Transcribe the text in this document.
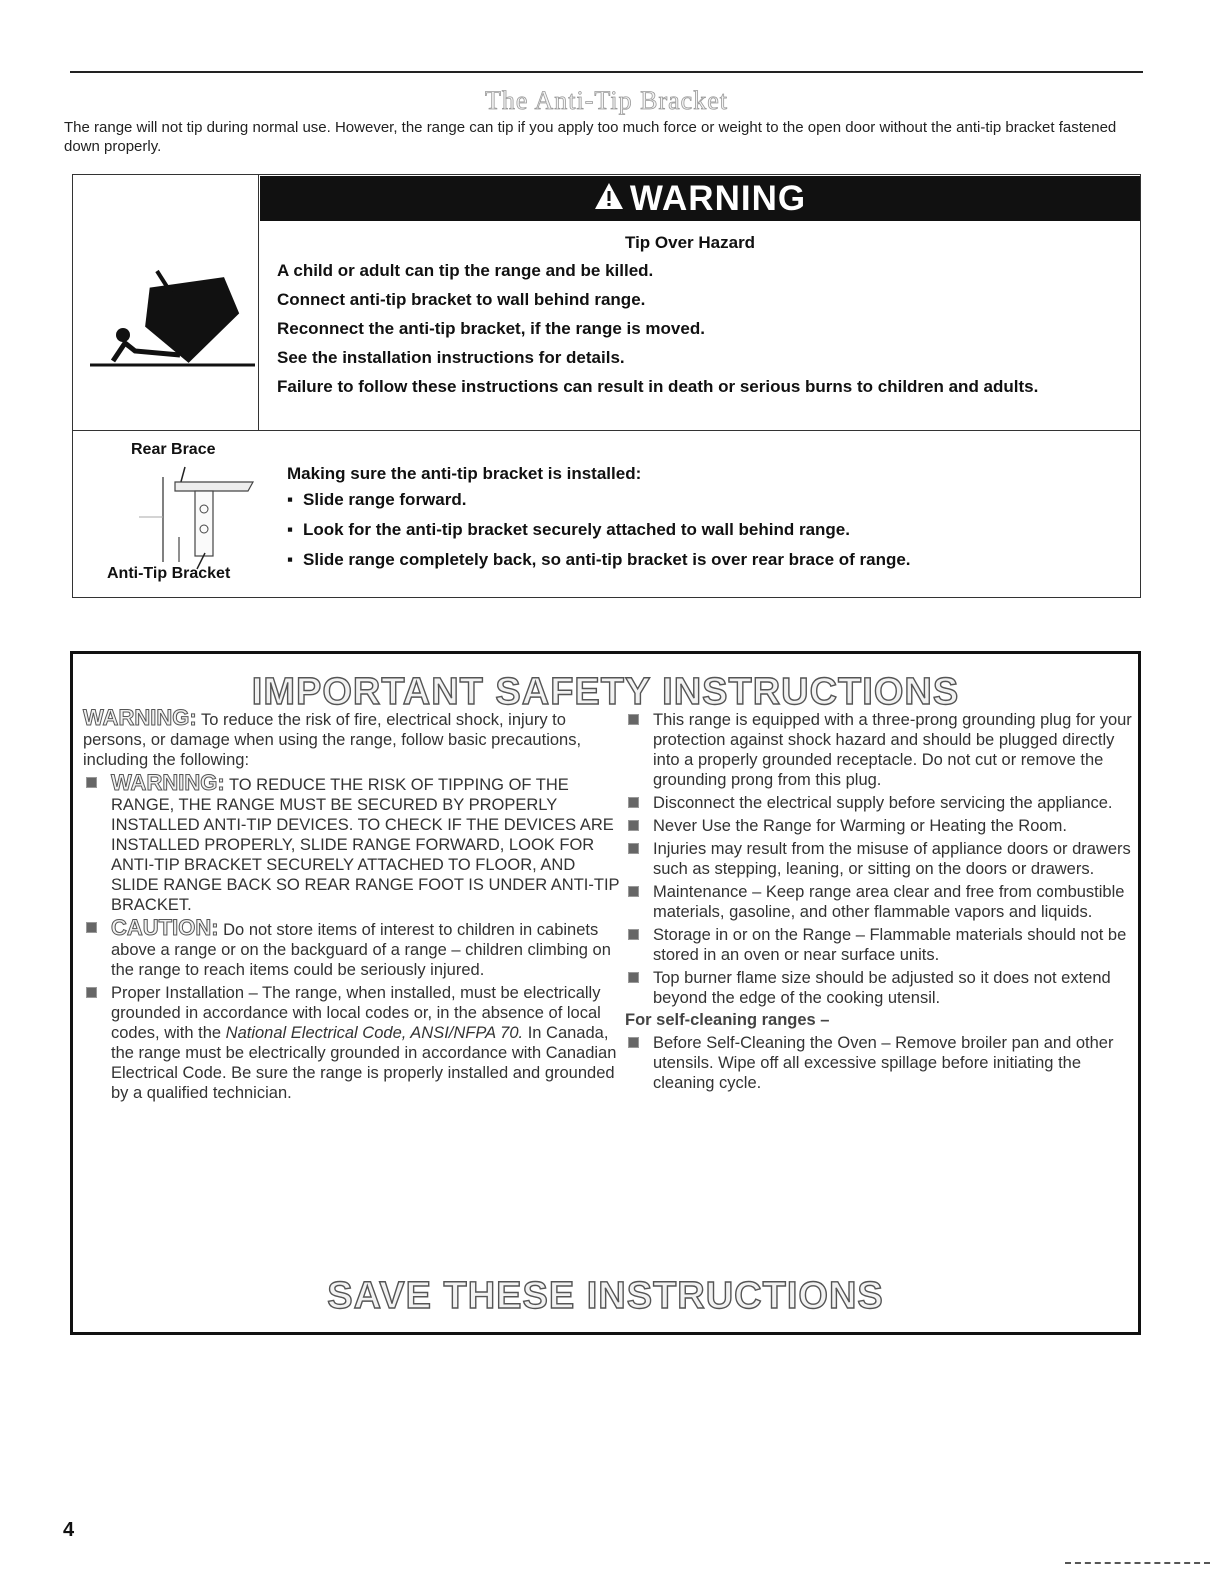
The Anti-Tip Bracket
The range will not tip during normal use. However, the range can tip if you apply too much force or weight to the open door without the anti-tip bracket fastened down properly.
WARNING
Tip Over Hazard
A child or adult can tip the range and be killed.
Connect anti-tip bracket to wall behind range.
Reconnect the anti-tip bracket, if the range is moved.
See the installation instructions for details.
Failure to follow these instructions can result in death or serious burns to children and adults.
Rear Brace
Anti-Tip Bracket
Making sure the anti-tip bracket is installed:
▪ Slide range forward.
▪ Look for the anti-tip bracket securely attached to wall behind range.
▪ Slide range completely back, so anti-tip bracket is over rear brace of range.
IMPORTANT SAFETY INSTRUCTIONS
WARNING: To reduce the risk of fire, electrical shock, injury to persons, or damage when using the range, follow basic precautions, including the following:
WARNING: TO REDUCE THE RISK OF TIPPING OF THE RANGE, THE RANGE MUST BE SECURED BY PROPERLY INSTALLED ANTI-TIP DEVICES. TO CHECK IF THE DEVICES ARE INSTALLED PROPERLY, SLIDE RANGE FORWARD, LOOK FOR ANTI-TIP BRACKET SECURELY ATTACHED TO FLOOR, AND SLIDE RANGE BACK SO REAR RANGE FOOT IS UNDER ANTI-TIP BRACKET.
CAUTION: Do not store items of interest to children in cabinets above a range or on the backguard of a range – children climbing on the range to reach items could be seriously injured.
Proper Installation – The range, when installed, must be electrically grounded in accordance with local codes or, in the absence of local codes, with the National Electrical Code, ANSI/NFPA 70. In Canada, the range must be electrically grounded in accordance with Canadian Electrical Code. Be sure the range is properly installed and grounded by a qualified technician.
This range is equipped with a three-prong grounding plug for your protection against shock hazard and should be plugged directly into a properly grounded receptacle. Do not cut or remove the grounding prong from this plug.
Disconnect the electrical supply before servicing the appliance.
Never Use the Range for Warming or Heating the Room.
Injuries may result from the misuse of appliance doors or drawers such as stepping, leaning, or sitting on the doors or drawers.
Maintenance – Keep range area clear and free from combustible materials, gasoline, and other flammable vapors and liquids.
Storage in or on the Range – Flammable materials should not be stored in an oven or near surface units.
Top burner flame size should be adjusted so it does not extend beyond the edge of the cooking utensil.
For self-cleaning ranges –
Before Self-Cleaning the Oven – Remove broiler pan and other utensils. Wipe off all excessive spillage before initiating the cleaning cycle.
SAVE THESE INSTRUCTIONS
4
